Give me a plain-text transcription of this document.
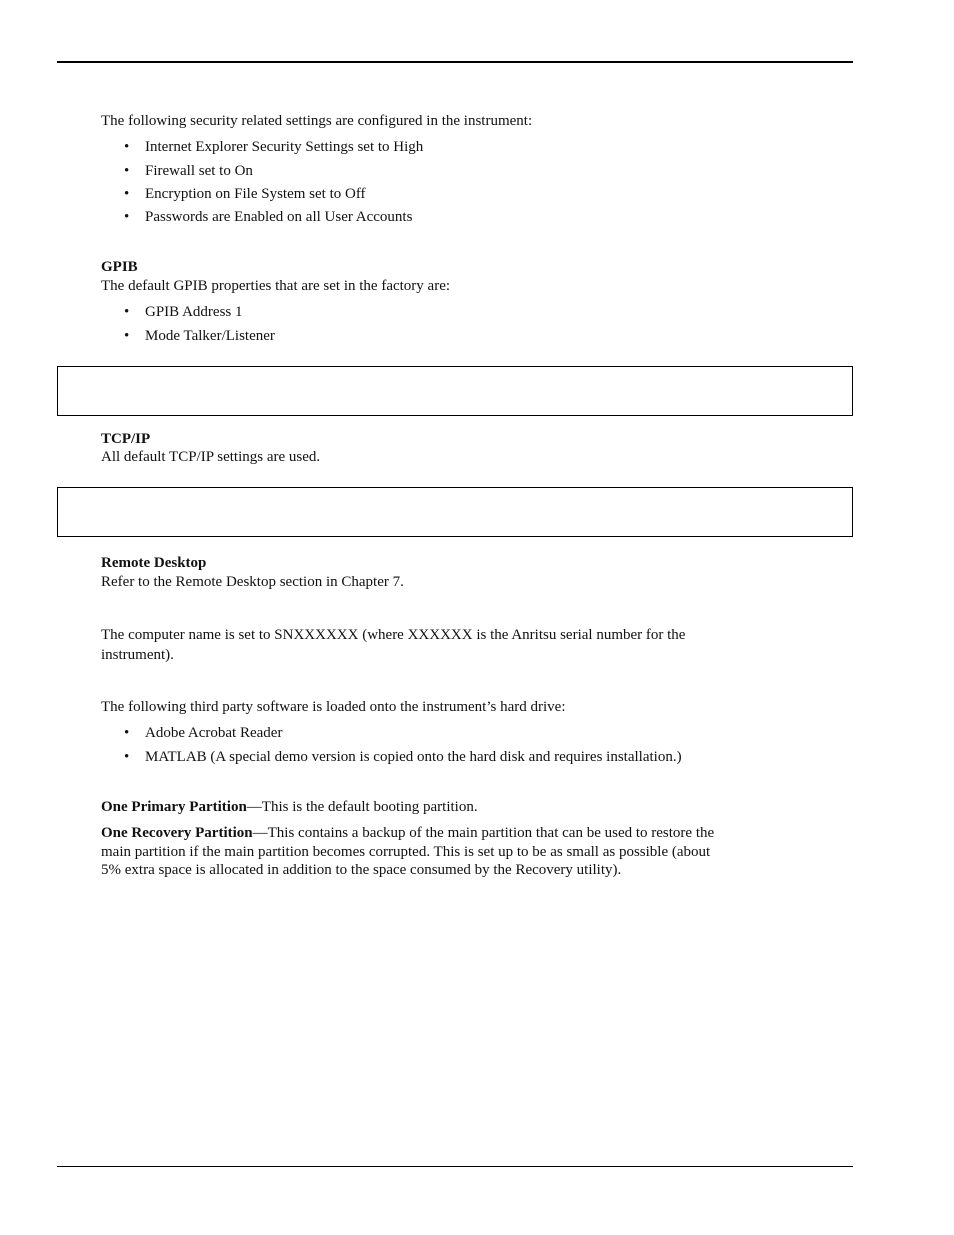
The following security related settings are configured in the instrument:

• Internet Explorer Security Settings set to High

• Firewall set to On

• Encryption on File System set to Off

• Passwords are Enabled on all User Accounts

GPIB

The default GPIB properties that are set in the factory are:

• GPIB Address 1

• Mode Talker/Listener

TCP/IP

All default TCP/IP settings are used.

Remote Desktop

Refer to the Remote Desktop section in Chapter 7.

The computer name is set to SNXXXXXX (where XXXXXX is the Anritsu serial number for the

instrument).

The following third party software is loaded onto the instrument’s hard drive:

• Adobe Acrobat Reader

• MATLAB (A special demo version is copied onto the hard disk and requires installation.)

One Primary Partition—This is the default booting partition.

One Recovery Partition—This contains a backup of the main partition that can be used to restore the

main partition if the main partition becomes corrupted. This is set up to be as small as possible (about

5% extra space is allocated in addition to the space consumed by the Recovery utility).
